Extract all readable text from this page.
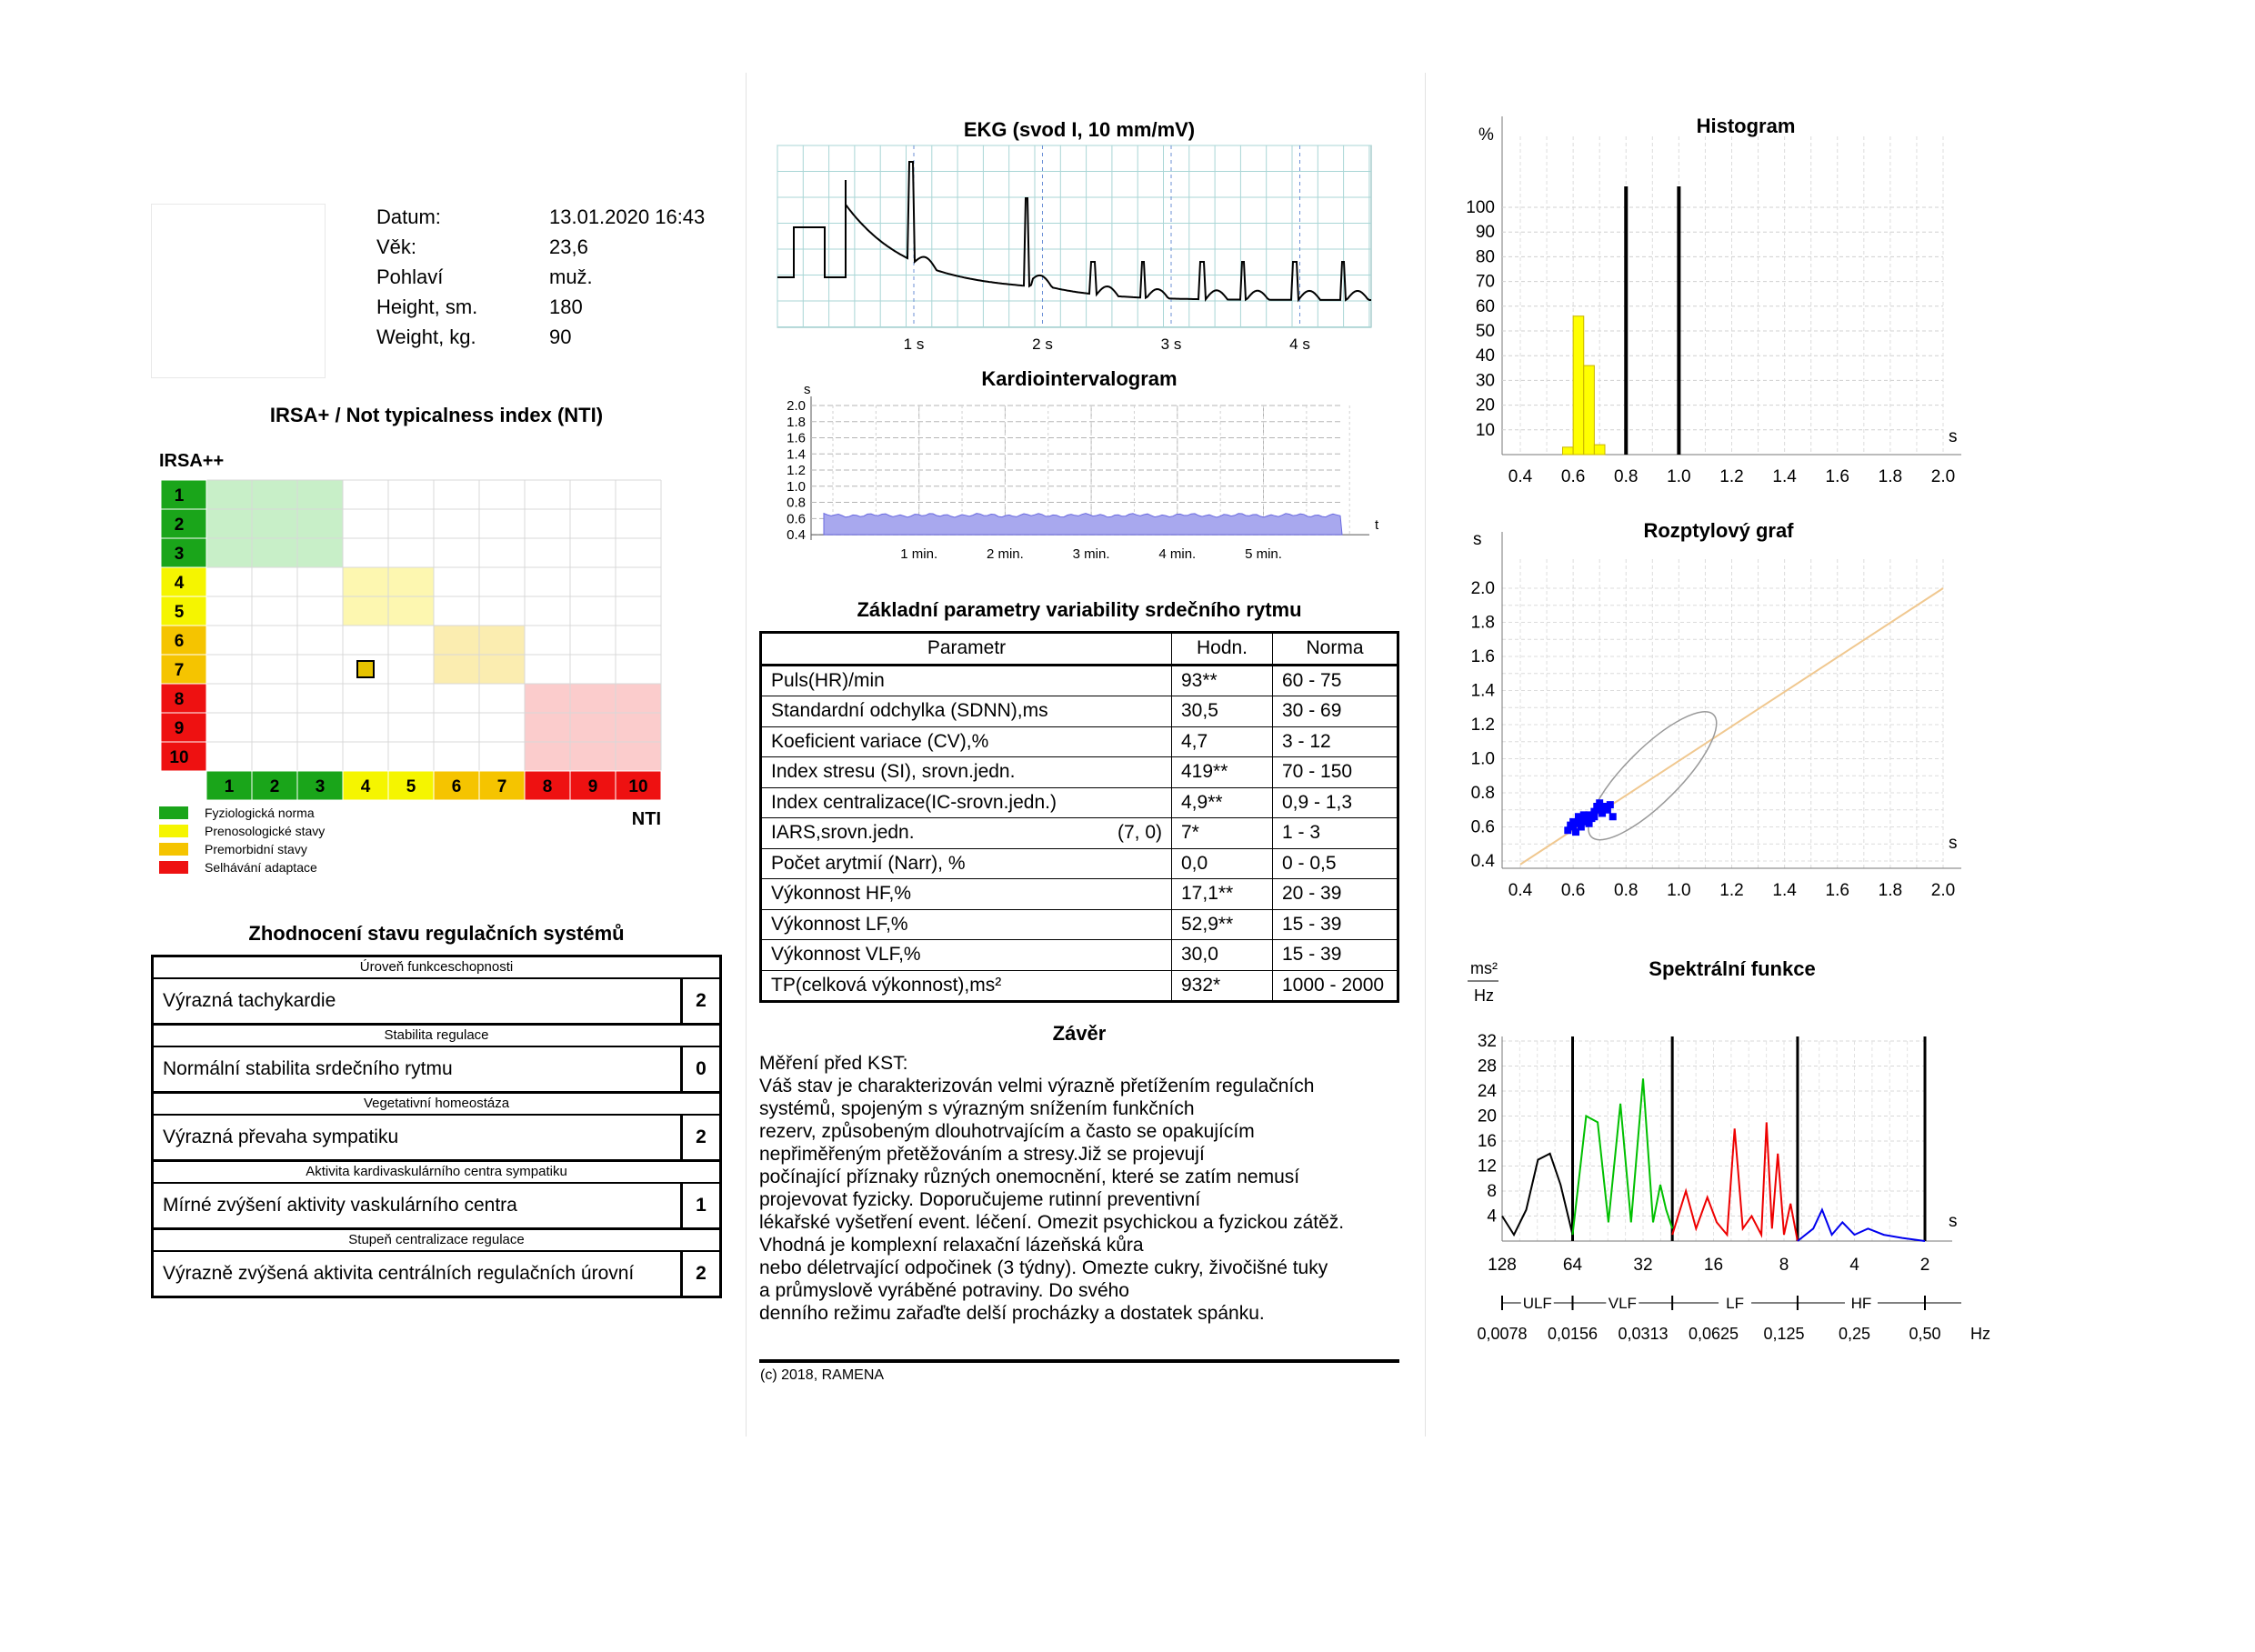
Datum:	13.01.2020 16:43
Věk:	23,6
Pohlaví	muž.
Height, sm.	180
Weight, kg.	90
IRSA+ / Not typicalness index (NTI)
IRSA++
1
2
3
4
5
6
7
8
9
10
1 2 3 4 5 6 7 8 9 10
NTI
Fyziologická norma
Prenosologické stavy
Premorbidní stavy
Selhávání adaptace
Zhodnocení stavu regulačních systémů
Úroveň funkceschopnosti
Výrazná tachykardie	2
Stabilita regulace
Normální stabilita srdečního rytmu	0
Vegetativní homeostáza
Výrazná převaha sympatiku	2
Aktivita kardivaskulárního centra sympatiku
Mírné zvýšení aktivity vaskulárního centra	1
Stupeň centralizace regulace
Výrazně zvýšená aktivita centrálních regulačních úrovní	2
EKG (svod I, 10 mm/mV)
1 s	2 s	3 s	4 s
Kardiointervalogram
s
2.0
1.8
1.6
1.4
1.2
1.0
0.8
0.6
0.4
1 min.	2 min.	3 min.	4 min.	5 min.
t
Základní parametry variability srdečního rytmu
Parametr	Hodn.	Norma

Puls(HR)/min	93**	60 - 75

Standardní odchylka (SDNN),ms	30,5	30 - 69

Koeficient variace (CV),%	4,7	3 - 12

Index stresu (SI), srovn.jedn.	419**	70 - 150

Index centralizace(IC-srovn.jedn.)	4,9**	0,9 - 1,3

IARS,srovn.jedn. (7, 0)	7*	1 - 3

Počet arytmií (Narr), %	0,0	0 - 0,5

Výkonnost HF,%	17,1**	20 - 39

Výkonnost LF,%	52,9**	15 - 39

Výkonnost VLF,%	30,0	15 - 39

TP(celková výkonnost),ms²	932*	1000 - 2000
Závěr
Měření před KST:
Váš stav je charakterizován velmi výrazně přetížením regulačních
systémů, spojeným s výrazným snížením funkčních
rezerv, způsobeným dlouhotrvajícím a často se opakujícím
nepřiměřeným přetěžováním a stresy.Již se projevují
počínající příznaky různých onemocnění, které se zatím nemusí
projevovat fyzicky. Doporučujeme rutinní preventivní
lékařské vyšetření event. léčení. Omezit psychickou a fyzickou zátěž.
Vhodná je komplexní relaxační lázeňská kůra
nebo déletrvající odpočinek (3 týdny). Omezte cukry, živočišné tuky
a průmyslově vyráběné potraviny. Do svého
denního režimu zařaďte delší procházky a dostatek spánku.
(c) 2018, RAMENA
Histogram
%
100
90
80
70
60
50
40
30
20
10
0.4 0.6 0.8 1.0 1.2 1.4 1.6 1.8 2.0
s
Rozptylový graf
s
2.0
1.8
1.6
1.4
1.2
1.0
0.8
0.6
0.4
0.4 0.6 0.8 1.0 1.2 1.4 1.6 1.8 2.0
s
Spektrální funkce
ms²
Hz
32
28
24
20
16
12
8
4	s
128	64	32	16	8	4	2
ULF	VLF	LF	HF
0,0078 0,0156 0,0313 0,0625 0,125 0,25 0,50 Hz
